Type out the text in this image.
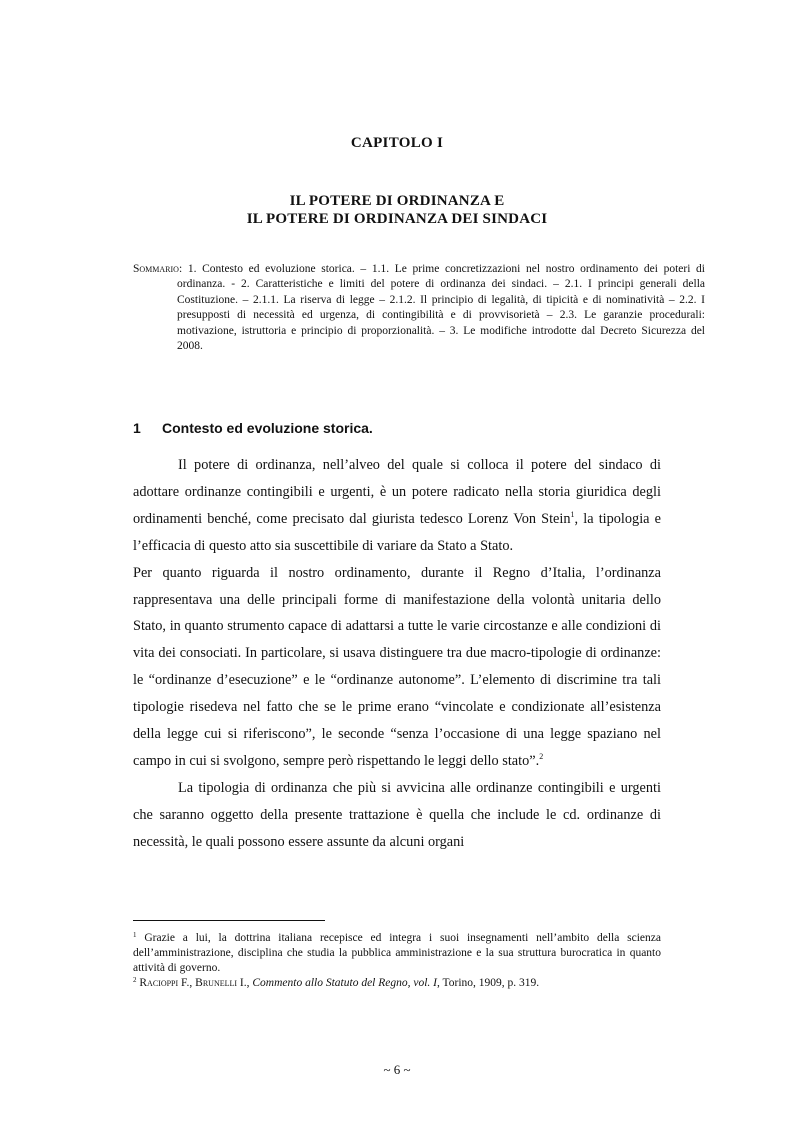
CAPITOLO I
IL POTERE DI ORDINANZA E
IL POTERE DI ORDINANZA DEI SINDACI
Sommario: 1. Contesto ed evoluzione storica. – 1.1. Le prime concretizzazioni nel nostro ordinamento dei poteri di ordinanza. - 2. Caratteristiche e limiti del potere di ordinanza dei sindaci. – 2.1. I principi generali della Costituzione. – 2.1.1. La riserva di legge – 2.1.2. Il principio di legalità, di tipicità e di nominatività – 2.2. I presupposti di necessità ed urgenza, di contingibilità e di provvisorietà – 2.3. Le garanzie procedurali: motivazione, istruttoria e principio di proporzionalità. – 3. Le modifiche introdotte dal Decreto Sicurezza del 2008.
1 Contesto ed evoluzione storica.

Il potere di ordinanza, nell’alveo del quale si colloca il potere del sindaco di adottare ordinanze contingibili e urgenti, è un potere radicato nella storia giuridica degli ordinamenti benché, come precisato dal giurista tedesco Lorenz Von Stein$^1$, la tipologia e l’efficacia di questo atto sia suscettibile di variare da Stato a Stato.

Per quanto riguarda il nostro ordinamento, durante il Regno d’Italia, l’ordinanza rappresentava una delle principali forme di manifestazione della volontà unitaria dello Stato, in quanto strumento capace di adattarsi a tutte le varie circostanze e alle condizioni di vita dei consociati. In particolare, si usava distinguere tra due macro-tipologie di ordinanze: le “ordinanze d’esecuzione” e le “ordinanze autonome”. L’elemento di discrimine tra tali tipologie risedeva nel fatto che se le prime erano “vincolate e condizionate all’esistenza della legge cui si riferiscono”, le seconde “senza l’occasione di una legge spaziano nel campo in cui si svolgono, sempre però rispettando le leggi dello stato”.$^2$

La tipologia di ordinanza che più si avvicina alle ordinanze contingibili e urgenti che saranno oggetto della presente trattazione è quella che include le cd. ordinanze di necessità, le quali possono essere assunte da alcuni organi

$^1$ Grazie a lui, la dottrina italiana recepisce ed integra i suoi insegnamenti nell’ambito della scienza dell’amministrazione, disciplina che studia la pubblica amministrazione e la sua struttura burocratica in quanto attività di governo.

$^2$ Racioppi F., Brunelli I., Commento allo Statuto del Regno, vol. I, Torino, 1909, p. 319.

~ 6 ~
